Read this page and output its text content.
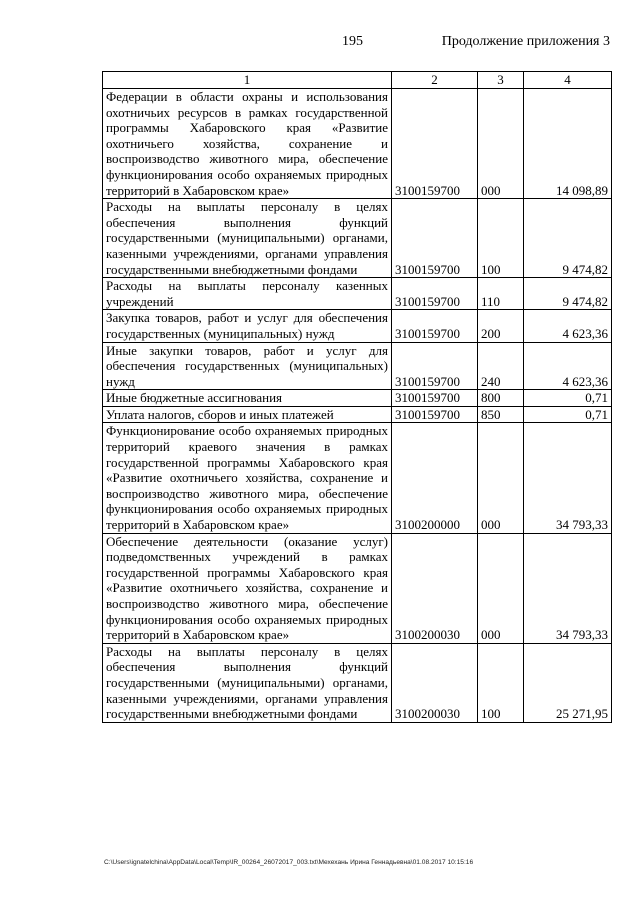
195	Продолжение приложения 3
1	2	3	4
Федерации в области охраны и использования охотничьих ресурсов в рамках государственной программы Хабаровского края «Развитие охотничьего хозяйства, сохранение и воспроизводство животного мира, обеспечение функционирования особо охраняемых природных территорий в Хабаровском крае»	3100159700	000	14 098,89
Расходы на выплаты персоналу в целях обеспечения выполнения функций государственными (муниципальными) органами, казенными учреждениями, органами управления государственными внебюджетными фондами	3100159700	100	9 474,82
Расходы на выплаты персоналу казенных учреждений	3100159700	110	9 474,82
Закупка товаров, работ и услуг для обеспечения государственных (муниципальных) нужд	3100159700	200	4 623,36
Иные закупки товаров, работ и услуг для обеспечения государственных (муниципальных) нужд	3100159700	240	4 623,36
Иные бюджетные ассигнования	3100159700	800	0,71
Уплата налогов, сборов и иных платежей	3100159700	850	0,71
Функционирование особо охраняемых природных территорий краевого значения в рамках государственной программы Хабаровского края «Развитие охотничьего хозяйства, сохранение и воспроизводство животного мира, обеспечение функционирования особо охраняемых природных территорий в Хабаровском крае»	3100200000	000	34 793,33
Обеспечение деятельности (оказание услуг) подведомственных учреждений в рамках государственной программы Хабаровского края «Развитие охотничьего хозяйства, сохранение и воспроизводство животного мира, обеспечение функционирования особо охраняемых природных территорий в Хабаровском крае»	3100200030	000	34 793,33
Расходы на выплаты персоналу в целях обеспечения выполнения функций государственными (муниципальными) органами, казенными учреждениями, органами управления государственными внебюджетными фондами	3100200030	100	25 271,95
C:\Users\ignatelchina\AppData\Local\Temp\IR_00264_26072017_003.txt\Мехехань Ирина Геннадьевна\01.08.2017 10:15:16
